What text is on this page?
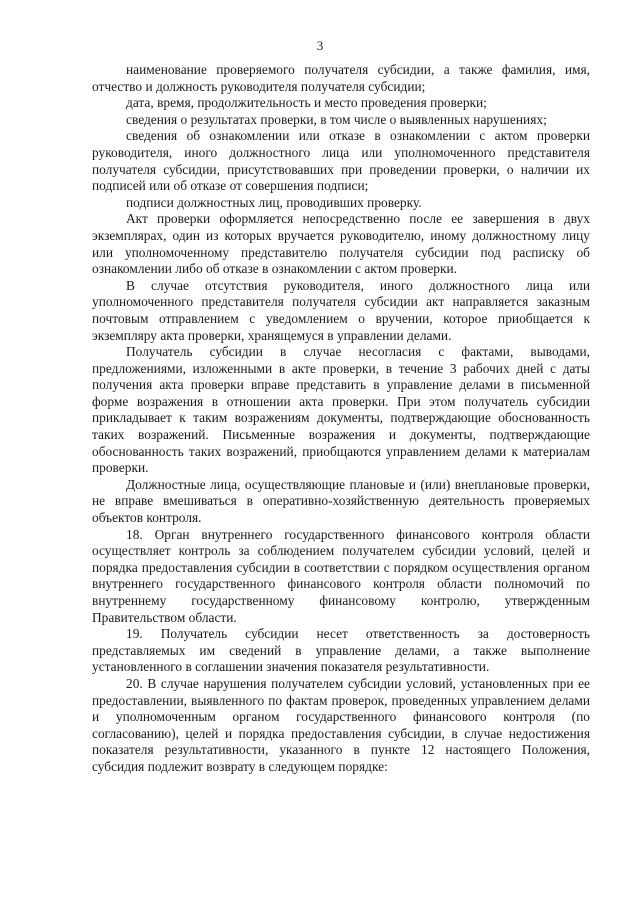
3

наименование проверяемого получателя субсидии, а также фамилия, имя, отчество и должность руководителя получателя субсидии;

дата, время, продолжительность и место проведения проверки;

сведения о результатах проверки, в том числе о выявленных нарушениях;

сведения об ознакомлении или отказе в ознакомлении с актом проверки руководителя, иного должностного лица или уполномоченного представителя получателя субсидии, присутствовавших при проведении проверки, о наличии их подписей или об отказе от совершения подписи;

подписи должностных лиц, проводивших проверку.

Акт проверки оформляется непосредственно после ее завершения в двух экземплярах, один из которых вручается руководителю, иному должностному лицу или уполномоченному представителю получателя субсидии под расписку об ознакомлении либо об отказе в ознакомлении с актом проверки.

В случае отсутствия руководителя, иного должностного лица или уполномоченного представителя получателя субсидии акт направляется заказным почтовым отправлением с уведомлением о вручении, которое приобщается к экземпляру акта проверки, хранящемуся в управлении делами.

Получатель субсидии в случае несогласия с фактами, выводами, предложениями, изложенными в акте проверки, в течение 3 рабочих дней с даты получения акта проверки вправе представить в управление делами в письменной форме возражения в отношении акта проверки. При этом получатель субсидии прикладывает к таким возражениям документы, подтверждающие обоснованность таких возражений. Письменные возражения и документы, подтверждающие обоснованность таких возражений, приобщаются управлением делами к материалам проверки.

Должностные лица, осуществляющие плановые и (или) внеплановые проверки, не вправе вмешиваться в оперативно-хозяйственную деятельность проверяемых объектов контроля.

18. Орган внутреннего государственного финансового контроля области осуществляет контроль за соблюдением получателем субсидии условий, целей и порядка предоставления субсидии в соответствии с порядком осуществления органом внутреннего государственного финансового контроля области полномочий по внутреннему государственному финансовому контролю, утвержденным Правительством области.

19. Получатель субсидии несет ответственность за достоверность представляемых им сведений в управление делами, а также выполнение установленного в соглашении значения показателя результативности.

20. В случае нарушения получателем субсидии условий, установленных при ее предоставлении, выявленного по фактам проверок, проведенных управлением делами и уполномоченным органом государственного финансового контроля (по согласованию), целей и порядка предоставления субсидии, в случае недостижения показателя результативности, указанного в пункте 12 настоящего Положения, субсидия подлежит возврату в следующем порядке:
